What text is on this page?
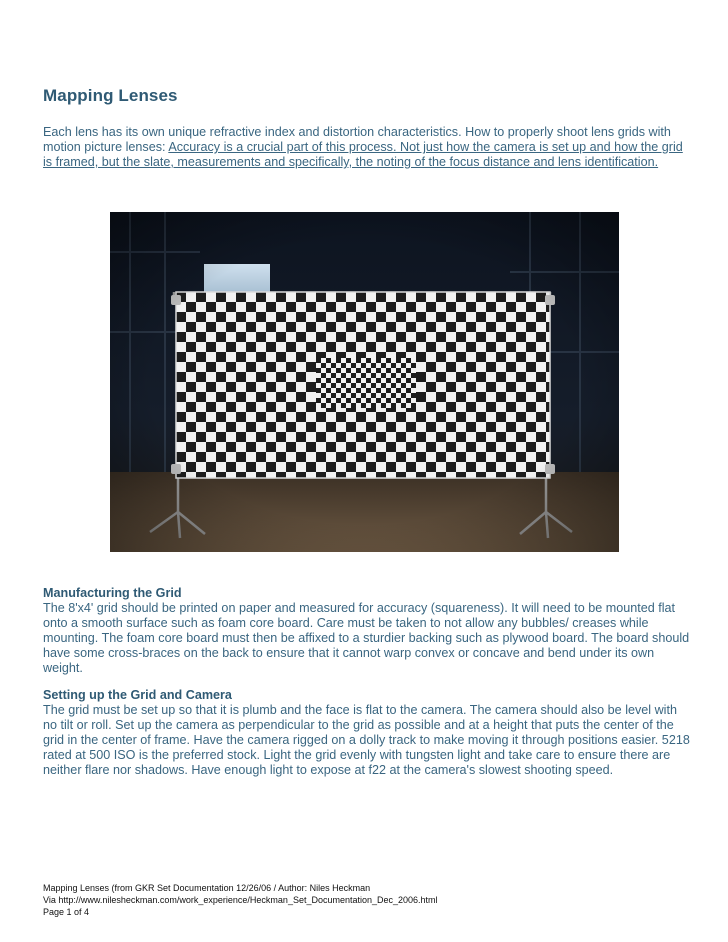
Mapping Lenses

Each lens has its own unique refractive index and distortion characteristics. How to properly shoot lens grids with motion picture lenses: Accuracy is a crucial part of this process. Not just how the camera is set up and how the grid is framed, but the slate, measurements and specifically, the noting of the focus distance and lens identification.

Manufacturing the Grid

The 8'x4' grid should be printed on paper and measured for accuracy (squareness). It will need to be mounted flat onto a smooth surface such as foam core board. Care must be taken to not allow any bubbles/ creases while mounting. The foam core board must then be affixed to a sturdier backing such as plywood board. The board should have some cross-braces on the back to ensure that it cannot warp convex or concave and bend under its own weight.

Setting up the Grid and Camera

The grid must be set up so that it is plumb and the face is flat to the camera. The camera should also be level with no tilt or roll. Set up the camera as perpendicular to the grid as possible and at a height that puts the center of the grid in the center of frame. Have the camera rigged on a dolly track to make moving it through positions easier. 5218 rated at 500 ISO is the preferred stock. Light the grid evenly with tungsten light and take care to ensure there are neither flare nor shadows. Have enough light to expose at f22 at the camera's slowest shooting speed.

Mapping Lenses (from GKR Set Documentation 12/26/06 / Author: Niles Heckman
Via http://www.nilesheckman.com/work_experience/Heckman_Set_Documentation_Dec_2006.html
Page 1 of 4
